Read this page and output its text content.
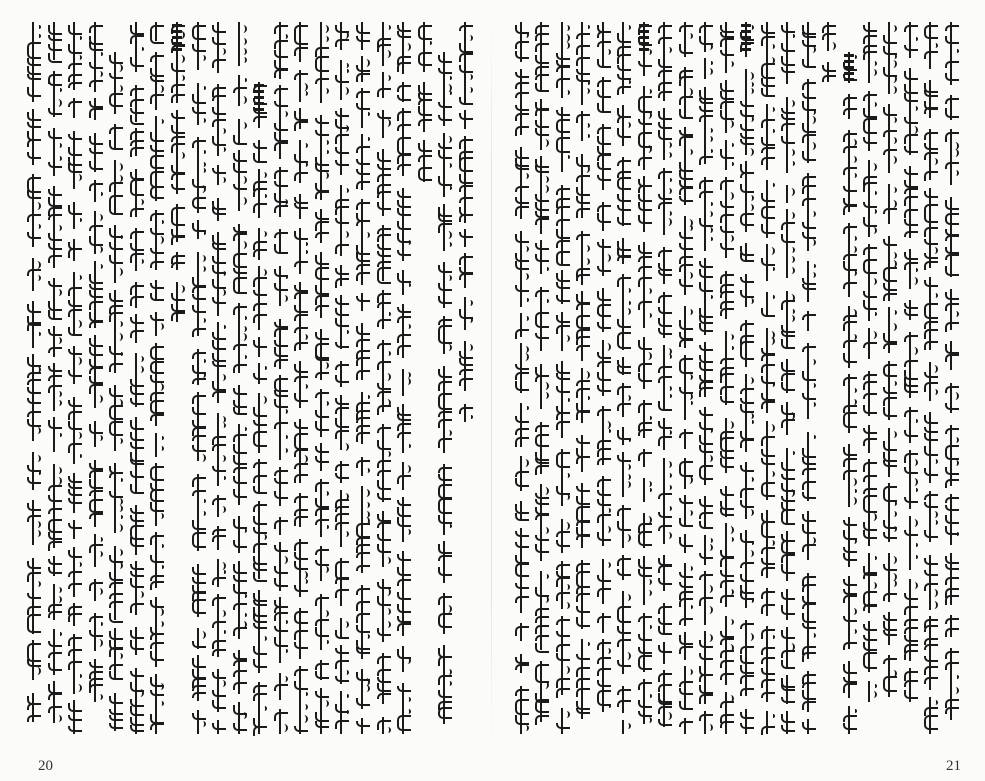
20	21
